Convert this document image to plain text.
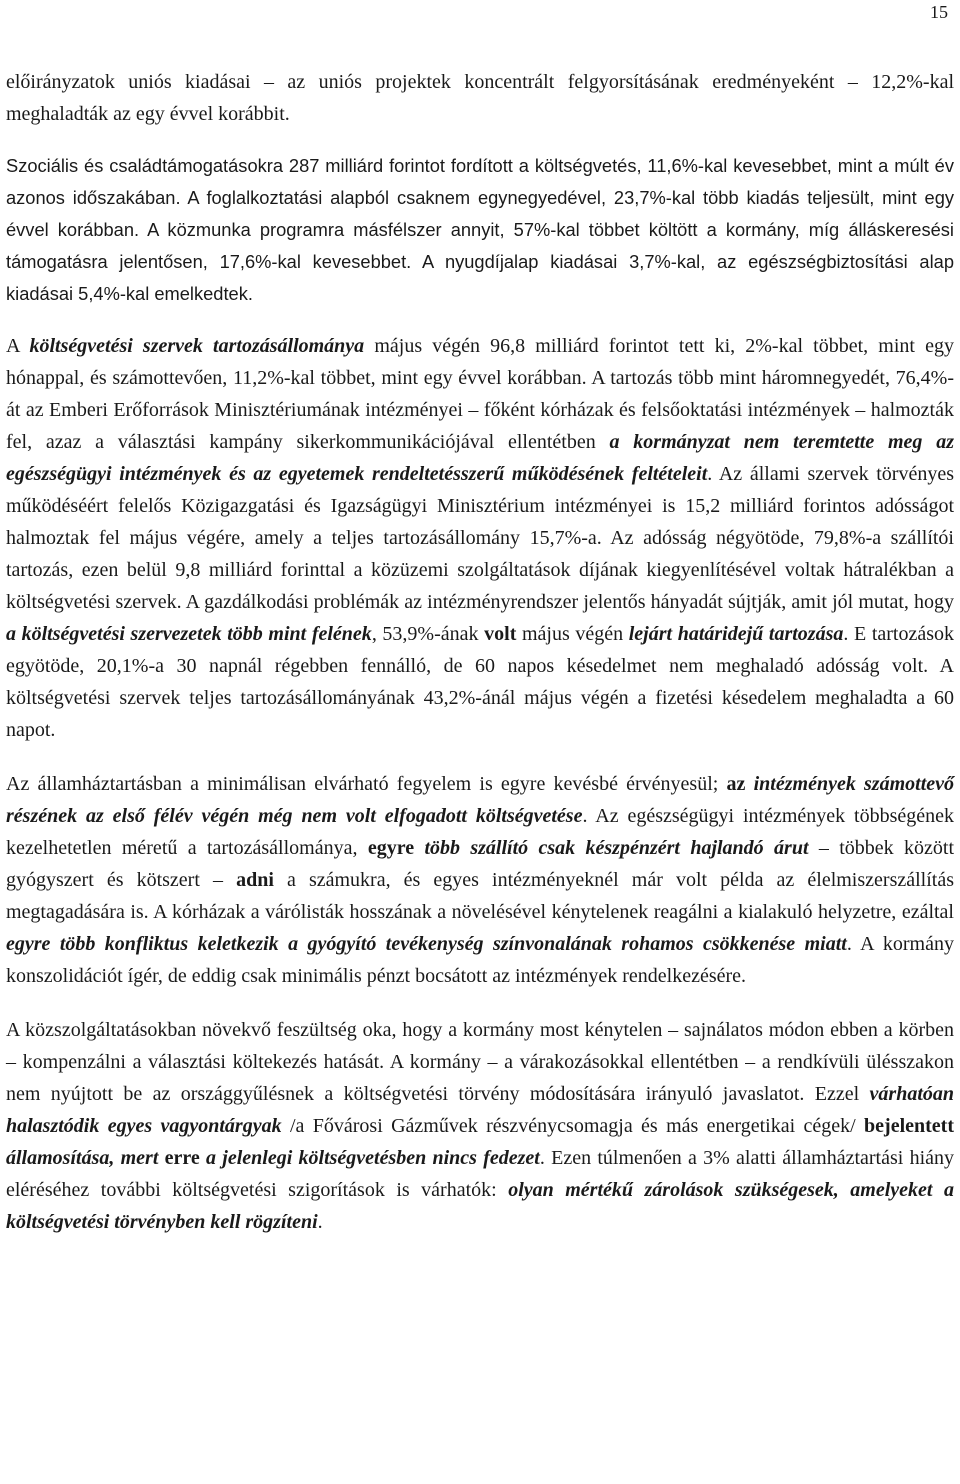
15

előirányzatok uniós kiadásai – az uniós projektek koncentrált felgyorsításának eredményeként – 12,2%-kal meghaladták az egy évvel korábbit.

Szociális és családtámogatásokra 287 milliárd forintot fordított a költségvetés, 11,6%-kal kevesebbet, mint a múlt év azonos időszakában. A foglalkoztatási alapból csaknem egynegyedével, 23,7%-kal több kiadás teljesült, mint egy évvel korábban. A közmunka programra másfélszer annyit, 57%-kal többet költött a kormány, míg álláskeresési támogatásra jelentősen, 17,6%-kal kevesebbet. A nyugdíjalap kiadásai 3,7%-kal, az egészségbiztosítási alap kiadásai 5,4%-kal emelkedtek.

A költségvetési szervek tartozásállománya május végén 96,8 milliárd forintot tett ki, 2%-kal többet, mint egy hónappal, és számottevően, 11,2%-kal többet, mint egy évvel korábban. A tartozás több mint háromnegyedét, 76,4%-át az Emberi Erőforrások Minisztériumának intézményei – főként kórházak és felsőoktatási intézmények – halmozták fel, azaz a választási kampány sikerkommunikációjával ellentétben a kormányzat nem teremtette meg az egészségügyi intézmények és az egyetemek rendeltetésszerű működésének feltételeit. Az állami szervek törvényes működéséért felelős Közigazgatási és Igazságügyi Minisztérium intézményei is 15,2 milliárd forintos adósságot halmoztak fel május végére, amely a teljes tartozásállomány 15,7%-a. Az adósság négyötöde, 79,8%-a szállítói tartozás, ezen belül 9,8 milliárd forinttal a közüzemi szolgáltatások díjának kiegyenlítésével voltak hátralékban a költségvetési szervek. A gazdálkodási problémák az intézményrendszer jelentős hányadát sújtják, amit jól mutat, hogy a költségvetési szervezetek több mint felének, 53,9%-ának volt május végén lejárt határidejű tartozása. E tartozások egyötöde, 20,1%-a 30 napnál régebben fennálló, de 60 napos késedelmet nem meghaladó adósság volt. A költségvetési szervek teljes tartozásállományának 43,2%-ánál május végén a fizetési késedelem meghaladta a 60 napot.

Az államháztartásban a minimálisan elvárható fegyelem is egyre kevésbé érvényesül; az intézmények számottevő részének az első félév végén még nem volt elfogadott költségvetése. Az egészségügyi intézmények többségének kezelhetetlen méretű a tartozásállománya, egyre több szállító csak készpénzért hajlandó árut – többek között gyógyszert és kötszert – adni a számukra, és egyes intézményeknél már volt példa az élelmiszerszállítás megtagadására is. A kórházak a várólisták hosszának a növelésével kénytelenek reagálni a kialakuló helyzetre, ezáltal egyre több konfliktus keletkezik a gyógyító tevékenység színvonalának rohamos csökkenése miatt. A kormány konszolidációt ígér, de eddig csak minimális pénzt bocsátott az intézmények rendelkezésére.

A közszolgáltatásokban növekvő feszültség oka, hogy a kormány most kénytelen – sajnálatos módon ebben a körben – kompenzálni a választási költekezés hatását. A kormány – a várakozásokkal ellentétben – a rendkívüli ülésszakon nem nyújtott be az országgyűlésnek a költségvetési törvény módosítására irányuló javaslatot. Ezzel várhatóan halasztódik egyes vagyontárgyak /a Fővárosi Gázművek részvénycsomagja és más energetikai cégek/ bejelentett államosítása, mert erre a jelenlegi költségvetésben nincs fedezet. Ezen túlmenően a 3% alatti államháztartási hiány eléréséhez további költségvetési szigorítások is várhatók: olyan mértékű zárolások szükségesek, amelyeket a költségvetési törvényben kell rögzíteni.
